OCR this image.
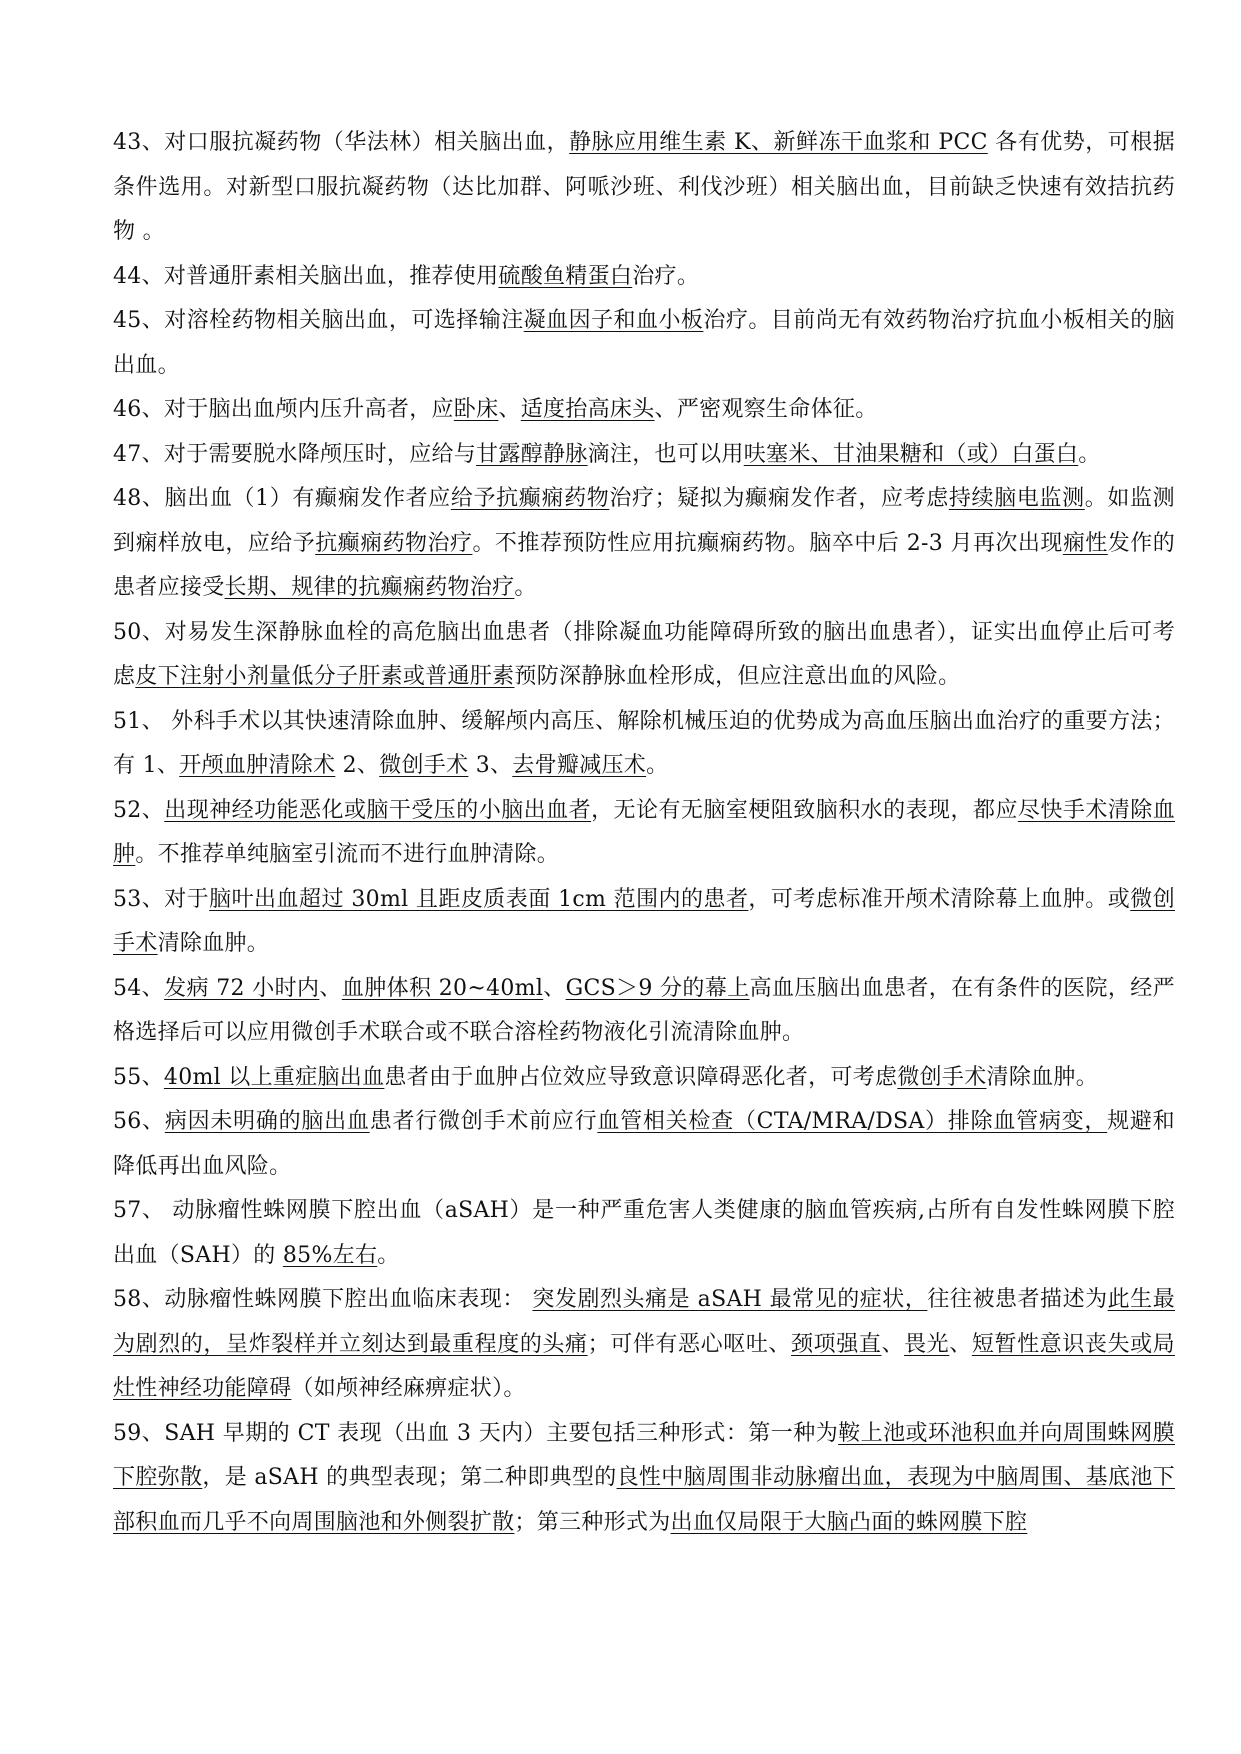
43、对口服抗凝药物（华法林）相关脑出血，静脉应用维生素 K、新鲜冻干血浆和 PCC 各有优势，可根据条件选用。对新型口服抗凝药物（达比加群、阿哌沙班、利伐沙班）相关脑出血，目前缺乏快速有效拮抗药物 。

44、对普通肝素相关脑出血，推荐使用硫酸鱼精蛋白治疗。

45、对溶栓药物相关脑出血，可选择输注凝血因子和血小板治疗。目前尚无有效药物治疗抗血小板相关的脑出血。

46、对于脑出血颅内压升高者，应卧床、适度抬高床头、严密观察生命体征。

47、对于需要脱水降颅压时，应给与甘露醇静脉滴注，也可以用呋塞米、甘油果糖和（或）白蛋白。

48、脑出血（1）有癫痫发作者应给予抗癫痫药物治疗；疑拟为癫痫发作者，应考虑持续脑电监测。如监测到痫样放电，应给予抗癫痫药物治疗。不推荐预防性应用抗癫痫药物。脑卒中后 2-3 月再次出现痫性发作的患者应接受长期、规律的抗癫痫药物治疗。

50、对易发生深静脉血栓的高危脑出血患者（排除凝血功能障碍所致的脑出血患者），证实出血停止后可考虑皮下注射小剂量低分子肝素或普通肝素预防深静脉血栓形成，但应注意出血的风险。

51、 外科手术以其快速清除血肿、缓解颅内高压、解除机械压迫的优势成为高血压脑出血治疗的重要方法； 有 1、开颅血肿清除术 2、微创手术 3、去骨瓣减压术。

52、出现神经功能恶化或脑干受压的小脑出血者，无论有无脑室梗阻致脑积水的表现，都应尽快手术清除血肿。不推荐单纯脑室引流而不进行血肿清除。

53、对于脑叶出血超过 30ml 且距皮质表面 1cm 范围内的患者，可考虑标准开颅术清除幕上血肿。或微创手术清除血肿。

54、发病 72 小时内、血肿体积 20~40ml、GCS＞9 分的幕上高血压脑出血患者，在有条件的医院，经严格选择后可以应用微创手术联合或不联合溶栓药物液化引流清除血肿。

55、40ml 以上重症脑出血患者由于血肿占位效应导致意识障碍恶化者，可考虑微创手术清除血肿。

56、病因未明确的脑出血患者行微创手术前应行血管相关检查（CTA/MRA/DSA）排除血管病变，规避和降低再出血风险。

57、 动脉瘤性蛛网膜下腔出血（aSAH）是一种严重危害人类健康的脑血管疾病,占所有自发性蛛网膜下腔出血（SAH）的 85%左右。

58、动脉瘤性蛛网膜下腔出血临床表现： 突发剧烈头痛是 aSAH 最常见的症状，往往被患者描述为此生最为剧烈的，呈炸裂样并立刻达到最重程度的头痛；可伴有恶心呕吐、颈项强直、畏光、短暂性意识丧失或局灶性神经功能障碍（如颅神经麻痹症状）。

59、SAH 早期的 CT 表现（出血 3 天内）主要包括三种形式：第一种为鞍上池或环池积血并向周围蛛网膜下腔弥散，是 aSAH 的典型表现；第二种即典型的良性中脑周围非动脉瘤出血，表现为中脑周围、基底池下部积血而几乎不向周围脑池和外侧裂扩散；第三种形式为出血仅局限于大脑凸面的蛛网膜下腔
